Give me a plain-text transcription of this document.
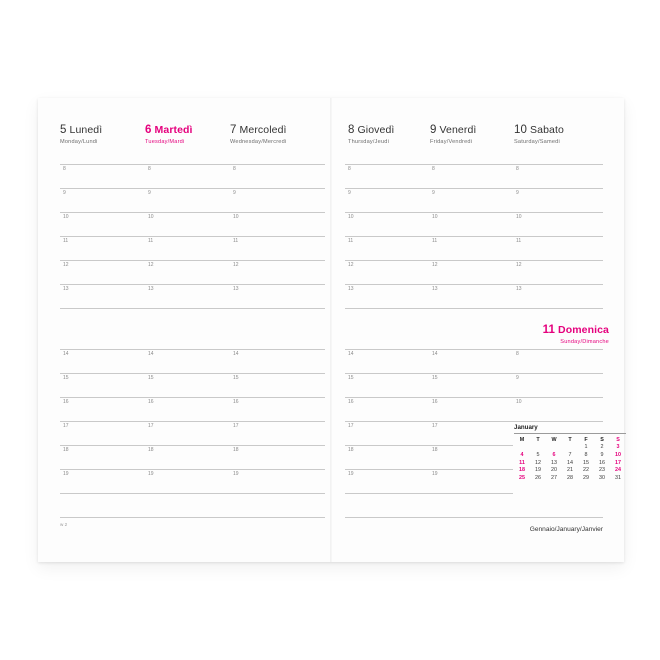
5 Lunedì
Monday/Lundi
6 Martedì
Tuesday/Mardi
7 Mercoledì
Wednesday/Mercredi
8
9
10
11
12
13
8
9
10
11
12
13
8
9
10
11
12
13
14
15
16
17
18
19
14
15
16
17
18
19
14
15
16
17
18
19
w 2
8 Giovedì
Thursday/Jeudi
9 Venerdì
Friday/Vendredi
10 Sabato
Saturday/Samedi
8
9
10
11
12
13
8
9
10
11
12
13
8
9
10
11
12
13
11 Domenica
Sunday/Dimanche
14
15
16
17
18
19
14
15
16
17
18
19
8
9
10
January
M	T	W	T	F	S	S
				1	2	3
4	5	6	7	8	9	10
11	12	13	14	15	16	17
18	19	20	21	22	23	24
25	26	27	28	29	30	31
Gennaio/January/Janvier
